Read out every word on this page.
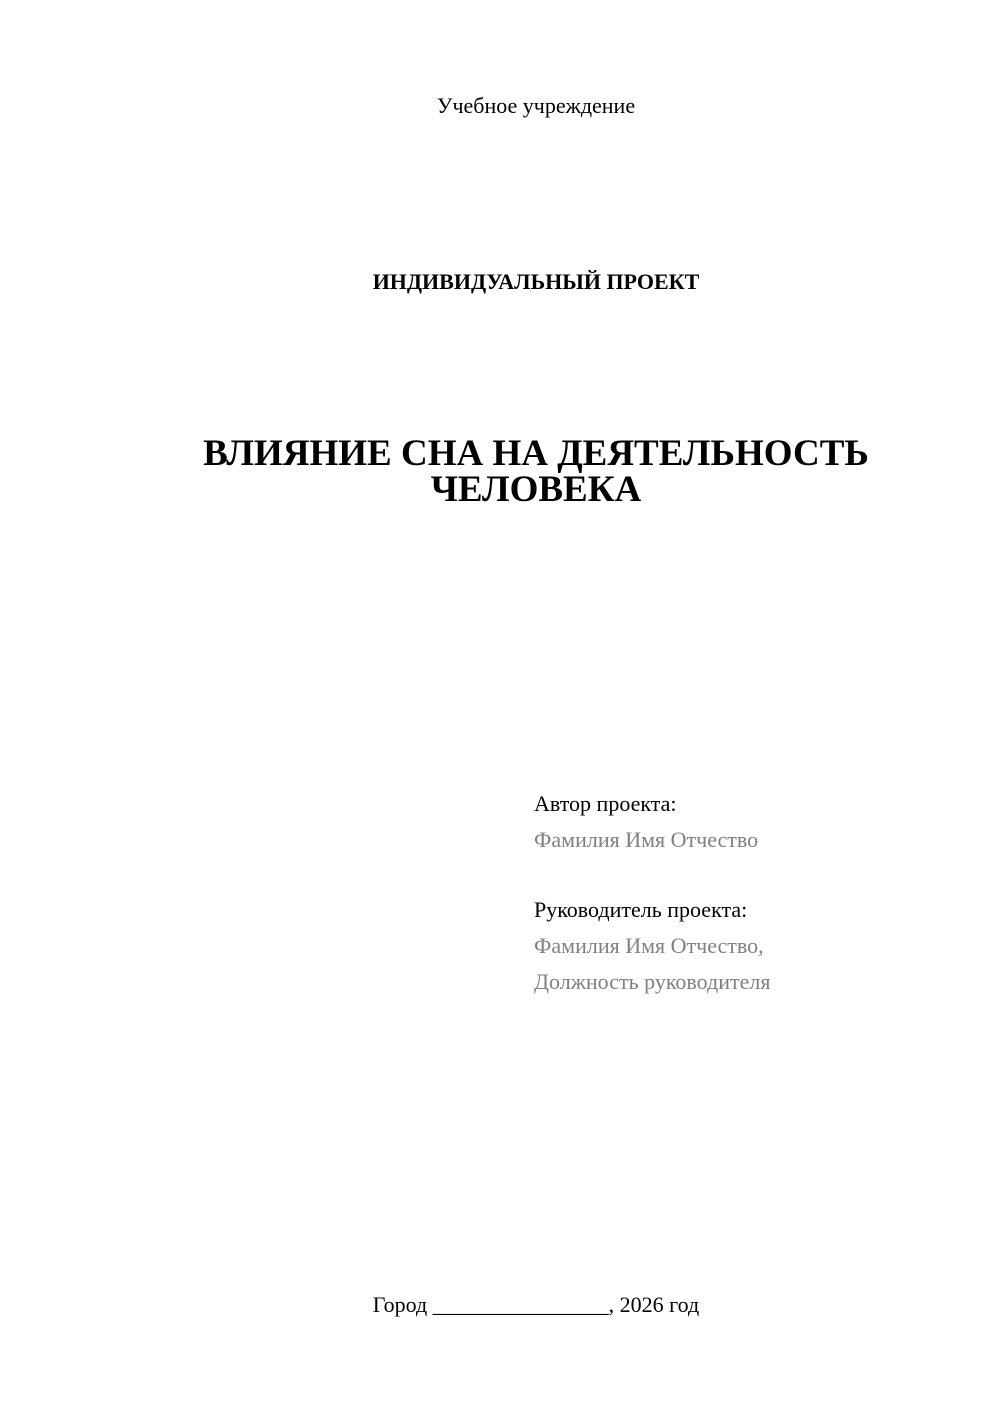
Учебное учреждение
ИНДИВИДУАЛЬНЫЙ ПРОЕКТ
ВЛИЯНИЕ СНА НА ДЕЯТЕЛЬНОСТЬ
ЧЕЛОВЕКА
Автор проекта:
Фамилия Имя Отчество
Руководитель проекта:
Фамилия Имя Отчество,
Должность руководителя
Город ________________, 2026 год
